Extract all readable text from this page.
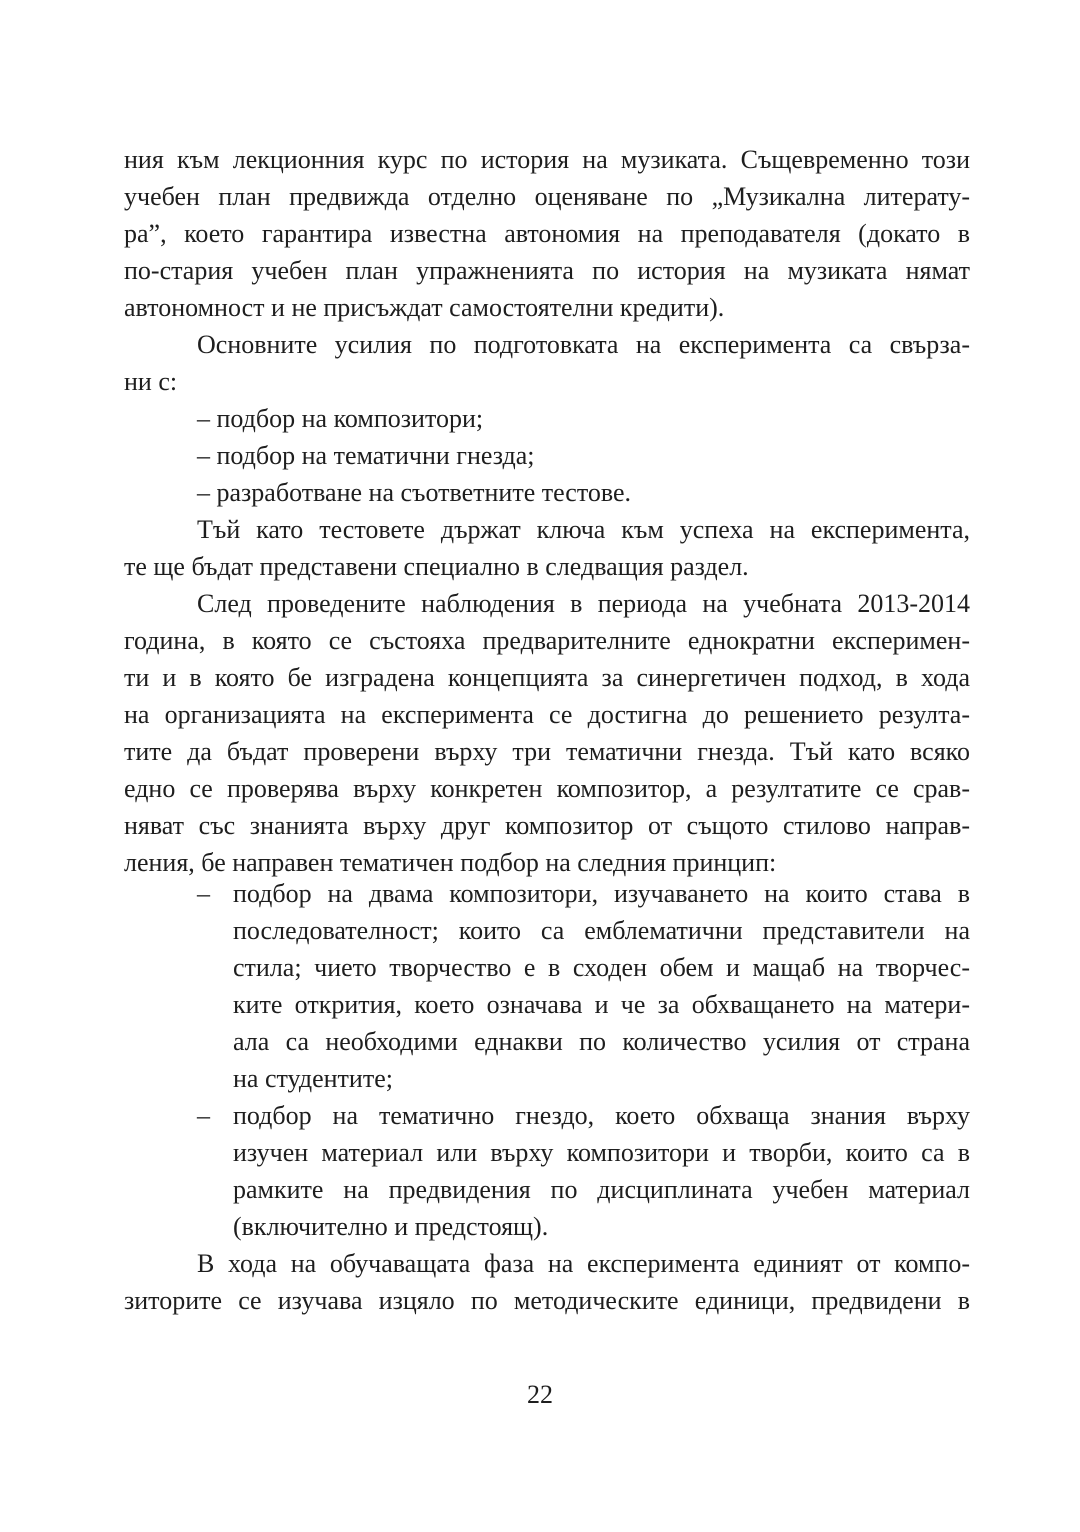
ния към лекционния курс по история на музиката. Същевременно този
учебен план предвижда отделно оценяване по „Музикална литерату-
ра”, което гарантира известна автономия на преподавателя (докато в
по-стария учебен план упражненията по история на музиката нямат
автономност и не присъждат самостоятелни кредити).
Основните усилия по подготовката на експеримента са свърза-
ни с:
– подбор на композитори;
– подбор на тематични гнезда;
– разработване на съответните тестове.
Тъй като тестовете държат ключа към успеха на експеримента,
те ще бъдат представени специално в следващия раздел.
След проведените наблюдения в периода на учебната 2013-2014
година, в която се състояха предварителните еднократни експеримен-
ти и в която бе изградена концепцията за синергетичен подход, в хода
на организацията на експеримента се достигна до решението резулта-
тите да бъдат проверени върху три тематични гнезда. Тъй като всяко
едно се проверява върху конкретен композитор, а резултатите се срав-
няват със знанията върху друг композитор от същото стилово направ-
ления, бе направен тематичен подбор на следния принцип:
– подбор на двама композитори, изучаването на които става в
последователност; които са емблематични представители на
стила; чието творчество е в сходен обем и мащаб на творчес-
ките открития, което означава и че за обхващането на матери-
ала са необходими еднакви по количество усилия от страна
на студентите;
– подбор на тематично гнездо, което обхваща знания върху
изучен материал или върху композитори и творби, които са в
рамките на предвидения по дисциплината учебен материал
(включително и предстоящ).
В хода на обучаващата фаза на експеримента единият от компо-
зиторите се изучава изцяло по методическите единици, предвидени в
22
